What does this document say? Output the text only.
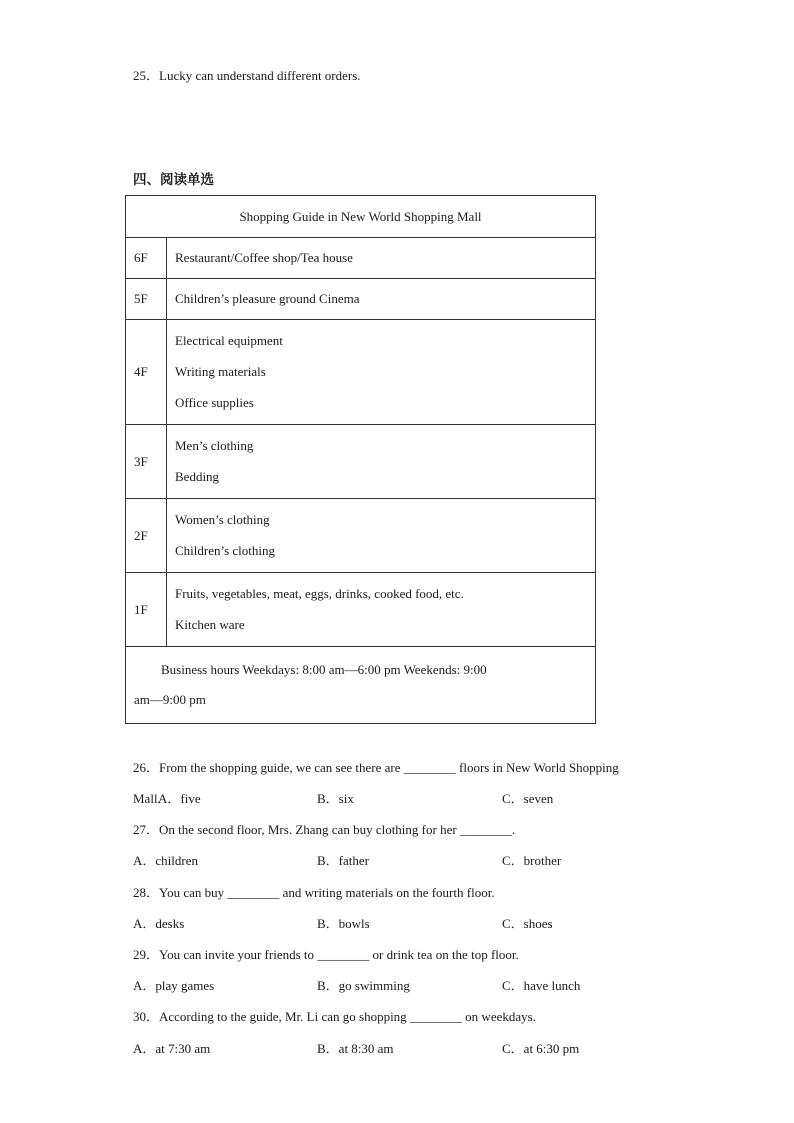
25．Lucky can understand different orders.
四、阅读单选
Shopping Guide in New World Shopping Mall	
6F	Restaurant/Coffee shop/Tea house
5F	Children’s pleasure ground Cinema
4F	Electrical equipment
Writing materials
Office supplies

3F	Men’s clothing
Bedding

2F	Women’s clothing
Children’s clothing

1F	Fruits, vegetables, meat, eggs, drinks, cooked food, etc.
Kitchen ware

Business hours Weekdays: 8:00 am—6:00 pm Weekends: 9:00
am—9:00 pm	
26．From the shopping guide, we can see there are ________ floors in New World Shopping
Mall.
A．five	B．six	C．seven
27．On the second floor, Mrs. Zhang can buy clothing for her ________.
A．children	B．father	C．brother
28．You can buy ________ and writing materials on the fourth floor.
A．desks	B．bowls	C．shoes
29．You can invite your friends to ________ or drink tea on the top floor.
A．play games	B．go swimming	C．have lunch
30．According to the guide, Mr. Li can go shopping ________ on weekdays.
A．at 7:30 am	B．at 8:30 am	C．at 6:30 pm
